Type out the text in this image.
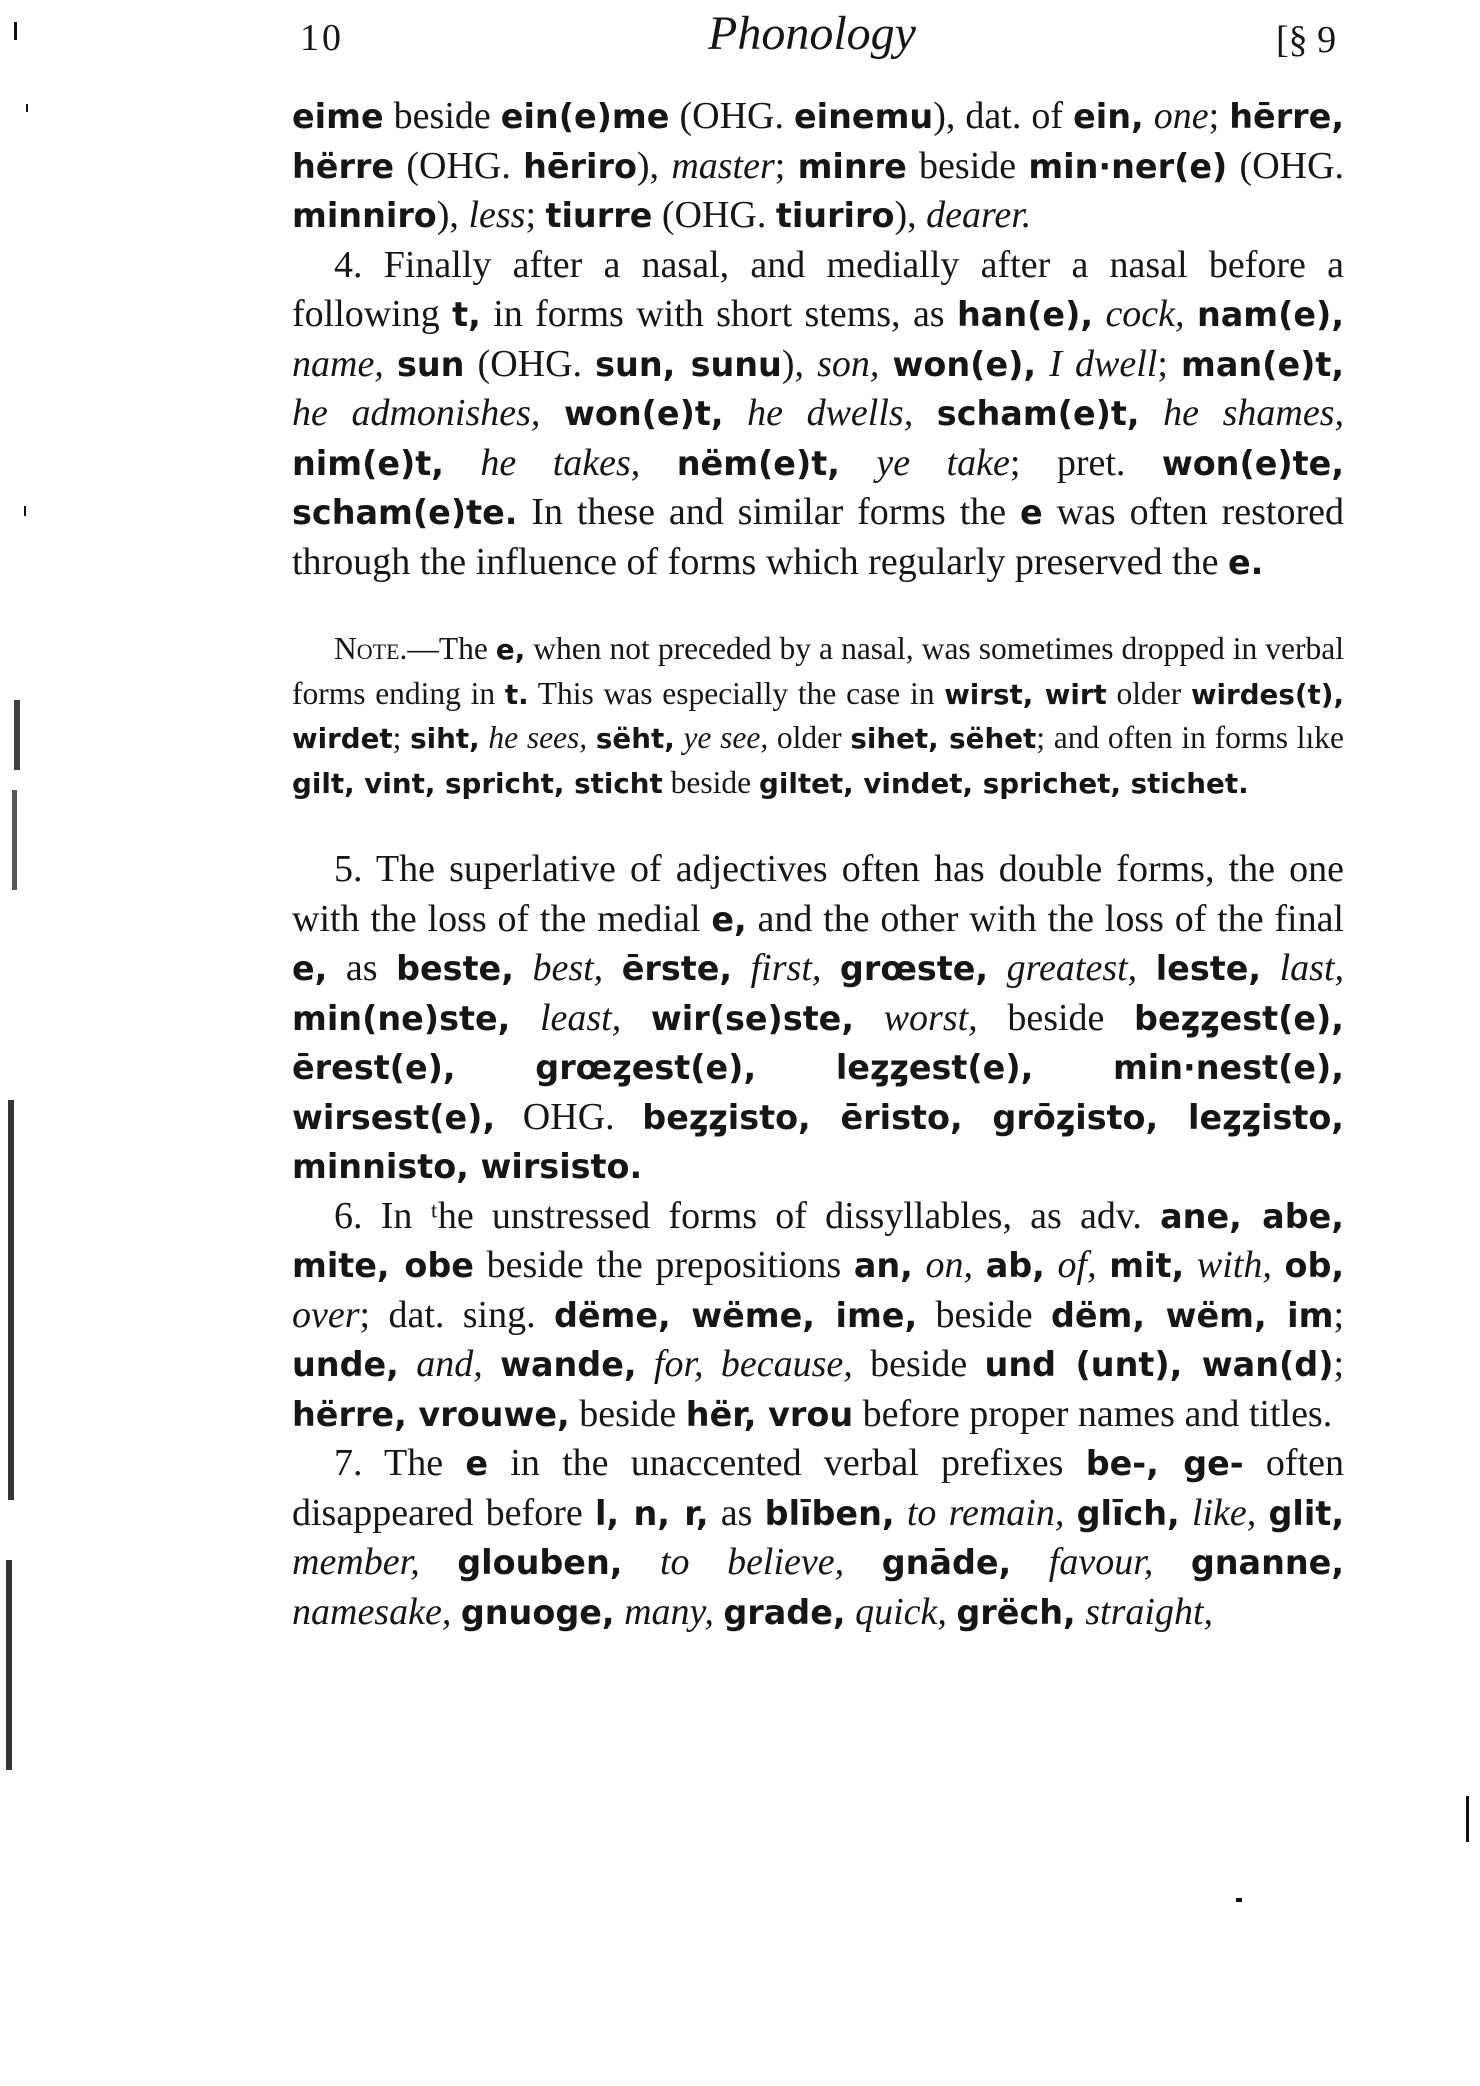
10	Phonology	[§ 9

eime beside ein(e)me (OHG. einemu), dat. of ein, one; hērre, hërre (OHG. hēriro), master; minre beside min·ner(e) (OHG. minniro), less; tiurre (OHG. tiuriro), dearer.

4. Finally after a nasal, and medially after a nasal before a following t, in forms with short stems, as han(e), cock, nam(e), name, sun (OHG. sun, sunu), son, won(e), I dwell; man(e)t, he admonishes, won(e)t, he dwells, scham(e)t, he shames, nim(e)t, he takes, nëm(e)t, ye take; pret. won(e)te, scham(e)te. In these and similar forms the e was often restored through the influence of forms which regularly preserved the e.

Note.—The e, when not preceded by a nasal, was sometimes dropped in verbal forms ending in t. This was especially the case in wirst, wirt older wirdes(t), wirdet; siht, he sees, sëht, ye see, older sihet, sëhet; and often in forms lıke gilt, vint, spricht, sticht beside giltet, vindet, sprichet, stichet.

5. The superlative of adjectives often has double forms, the one with the loss of the medial e, and the other with the loss of the final e, as beste, best, ērste, first, grœste, greatest, leste, last, min(ne)ste, least, wir(se)ste, worst, beside beȥȥest(e), ērest(e), grœȥest(e), leȥȥest(e), min·nest(e), wirsest(e), OHG. beȥȥisto, ēristo, grōȥisto, leȥȥisto, minnisto, wirsisto.

6. In ᵗhe unstressed forms of dissyllables, as adv. ane, abe, mite, obe beside the prepositions an, on, ab, of, mit, with, ob, over; dat. sing. dëme, wëme, ime, beside dëm, wëm, im; unde, and, wande, for, because, beside und (unt), wan(d); hërre, vrouwe, beside hër, vrou before proper names and titles.

7. The e in the unaccented verbal prefixes be-, ge- often disappeared before l, n, r, as blīben, to remain, glīch, like, glit, member, glouben, to believe, gnāde, favour, gnanne, namesake, gnuoge, many, grade, quick, grëch, straight,
